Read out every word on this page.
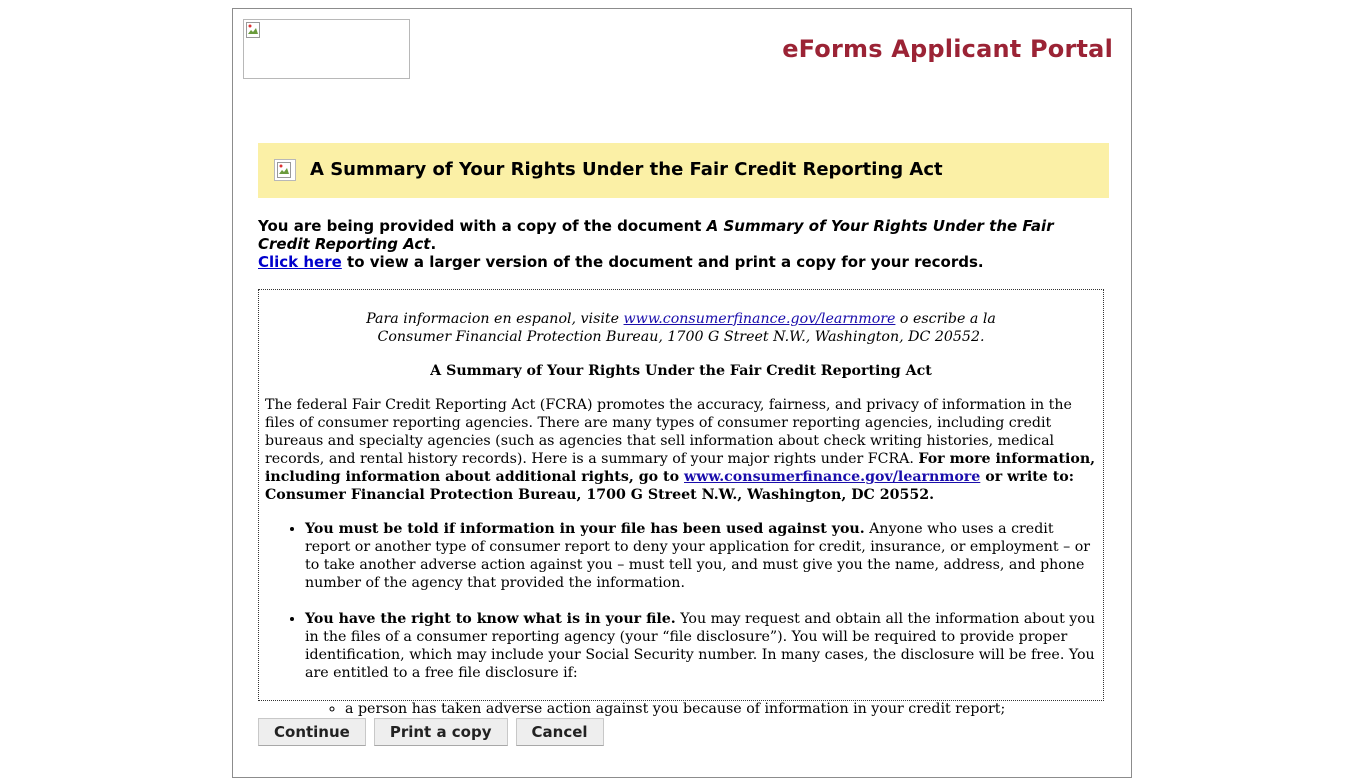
eForms Applicant Portal
A Summary of Your Rights Under the Fair Credit Reporting Act
You are being provided with a copy of the document A Summary of Your Rights Under the Fair Credit Reporting Act.
Click here to view a larger version of the document and print a copy for your records.

Para informacion en espanol, visite www.consumerfinance.gov/learnmore o escribe a la
Consumer Financial Protection Bureau, 1700 G Street N.W., Washington, DC 20552.

A Summary of Your Rights Under the Fair Credit Reporting Act

The federal Fair Credit Reporting Act (FCRA) promotes the accuracy, fairness, and privacy of information in the files of consumer reporting agencies. There are many types of consumer reporting agencies, including credit bureaus and specialty agencies (such as agencies that sell information about check writing histories, medical records, and rental history records). Here is a summary of your major rights under FCRA. For more information, including information about additional rights, go to www.consumerfinance.gov/learnmore or write to: Consumer Financial Protection Bureau, 1700 G Street N.W., Washington, DC 20552.

• You must be told if information in your file has been used against you. Anyone who uses a credit report or another type of consumer report to deny your application for credit, insurance, or employment – or to take another adverse action against you – must tell you, and must give you the name, address, and phone number of the agency that provided the information.
• You have the right to know what is in your file. You may request and obtain all the information about you in the files of a consumer reporting agency (your “file disclosure”). You will be required to provide proper identification, which may include your Social Security number. In many cases, the disclosure will be free. You are entitled to a free file disclosure if:
◦ a person has taken adverse action against you because of information in your credit report;
Continue	Print a copy	Cancel
